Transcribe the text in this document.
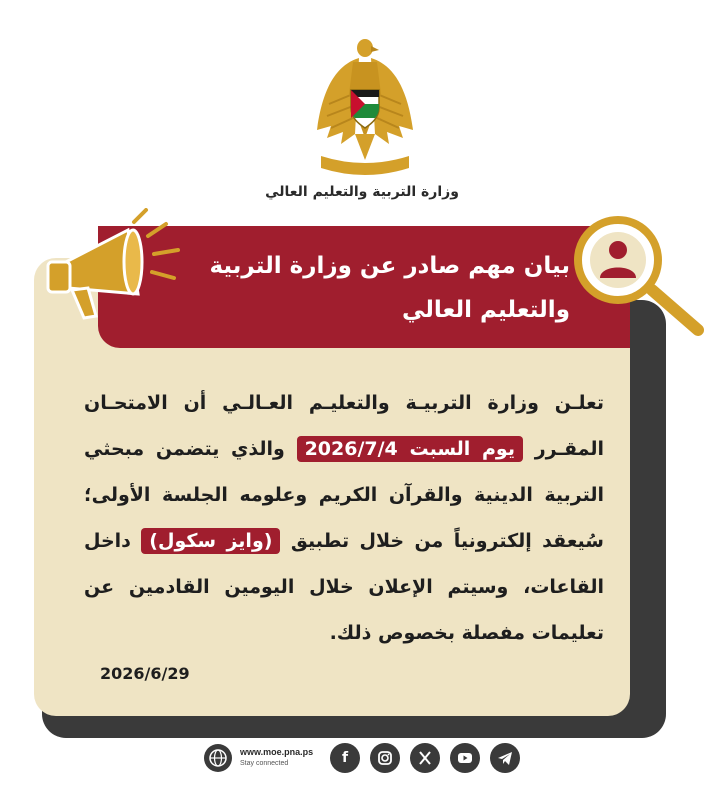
وزارة التربية والتعليم العالي
بيان مهم صادر عن وزارة التربية والتعليم العالي
تعلـن وزارة التربيـة والتعليـم العـالـي أن الامتحـان المقـرر يوم السبت 2026/7/4 والذي يتضمن مبحثي التربية الدينية والقرآن الكريم وعلومه الجلسة الأولى؛ سُيعقد إلكترونياً من خلال تطبيق (وايز سكول) داخل القاعات، وسيتم الإعلان خلال اليومين القادمين عن تعليمات مفصلة بخصوص ذلك.
2026/6/29
www.moe.pna.ps
Stay connected	f
